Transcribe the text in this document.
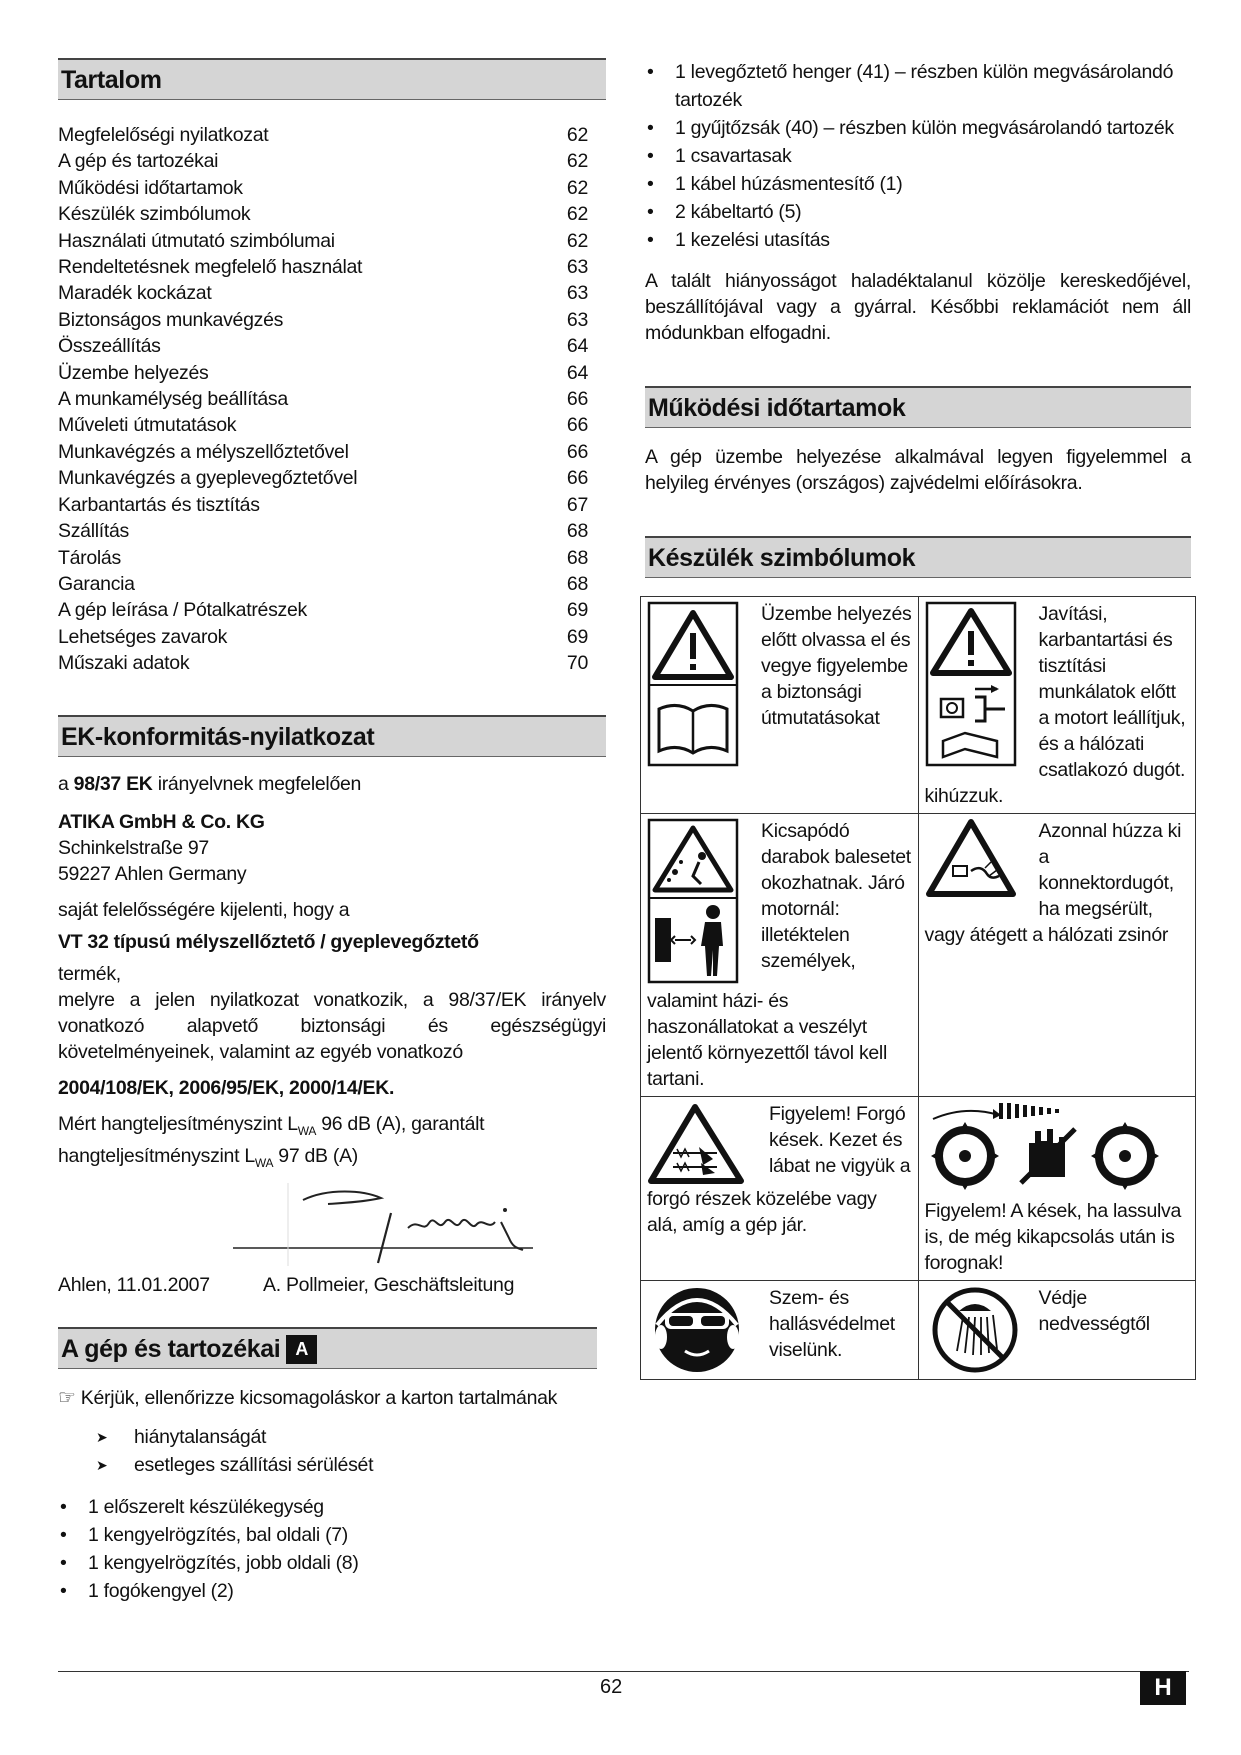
Tartalom
Megfelelőségi nyilatkozat	62
A gép és tartozékai	62
Működési időtartamok	62
Készülék szimbólumok	62
Használati útmutató szimbólumai	62
Rendeltetésnek megfelelő használat	63
Maradék kockázat	63
Biztonságos munkavégzés	63
Összeállítás	64
Üzembe helyezés	64
A munkamélység beállítása	66
Műveleti útmutatások	66
Munkavégzés a mélyszellőztetővel	66
Munkavégzés a gyeplevegőztetővel	66
Karbantartás és tisztítás	67
Szállítás	68
Tárolás	68
Garancia	68
A gép leírása / Pótalkatrészek	69
Lehetséges zavarok	69
Műszaki adatok	70
EK-konformitás-nyilatkozat

a 98/37 EK irányelvnek megfelelően

ATIKA GmbH & Co. KG

Schinkelstraße 97

59227 Ahlen Germany

saját felelősségére kijelenti, hogy a

VT 32 típusú mélyszellőztető / gyeplevegőztető

termék,

melyre a jelen nyilatkozat vonatkozik, a 98/37/EK irányelv vonatkozó alapvető biztonsági és egészségügyi követelményeinek, valamint az egyéb vonatkozó

2004/108/EK, 2006/95/EK, 2000/14/EK.

Mért hangteljesítményszint $L_{WA}$ 96 dB (A), garantált

hangteljesítményszint $L_{WA}$ 97 dB (A)

Ahlen, 11.01.2007	A. Pollmeier, Geschäftsleitung
A gép és tartozékai A

☞ Kérjük, ellenőrizze kicsomagoláskor a karton tartalmának

➤ hiánytalanságát
➤ esetleges szállítási sérülését
• 1 előszerelt készülékegység
• 1 kengyelrögzítés, bal oldali (7)
• 1 kengyelrögzítés, jobb oldali (8)
• 1 fogókengyel (2)
• 1 levegőztető henger (41) – részben külön megvásárolandó tartozék
• 1 gyűjtőzsák (40) – részben külön megvásárolandó tartozék
• 1 csavartasak
• 1 kábel húzásmentesítő (1)
• 2 kábeltartó (5)
• 1 kezelési utasítás

A talált hiányosságot haladéktalanul közölje kereskedőjével, beszállítójával vagy a gyárral. Későbbi reklamációt nem áll módunkban elfogadni.

Működési időtartamok

A gép üzembe helyezése alkalmával legyen figyelemmel a helyileg érvényes (országos) zajvédelmi előírásokra.

Készülék szimbólumok
Üzembe helyezés előtt olvassa el és vegye figyelembe a biztonsági útmutatásokat	Javítási, karbantartási és tisztítási munkálatok előtt a motort leállítjuk, és a hálózati csatlakozó dugót. kihúzzuk.

Kicsapódó darabok balesetet okozhatnak. Járó motornál: illetéktelen személyek,
valamint házi- és haszonállatokat a veszélyt jelentő környezettől távol kell tartani.	Azonnal húzza ki a konnektordugót, ha megsérült, vagy átégett a hálózati zsinór

Figyelem! Forgó kések. Kezet és lábat ne vigyük a
forgó részek közelébe vagy alá, amíg a gép jár.	Figyelem! A kések, ha lassulva is, de még kikapcsolás után is forognak!

Szem- és hallásvédelmet viselünk.	Védje nedvességtől
62	H
